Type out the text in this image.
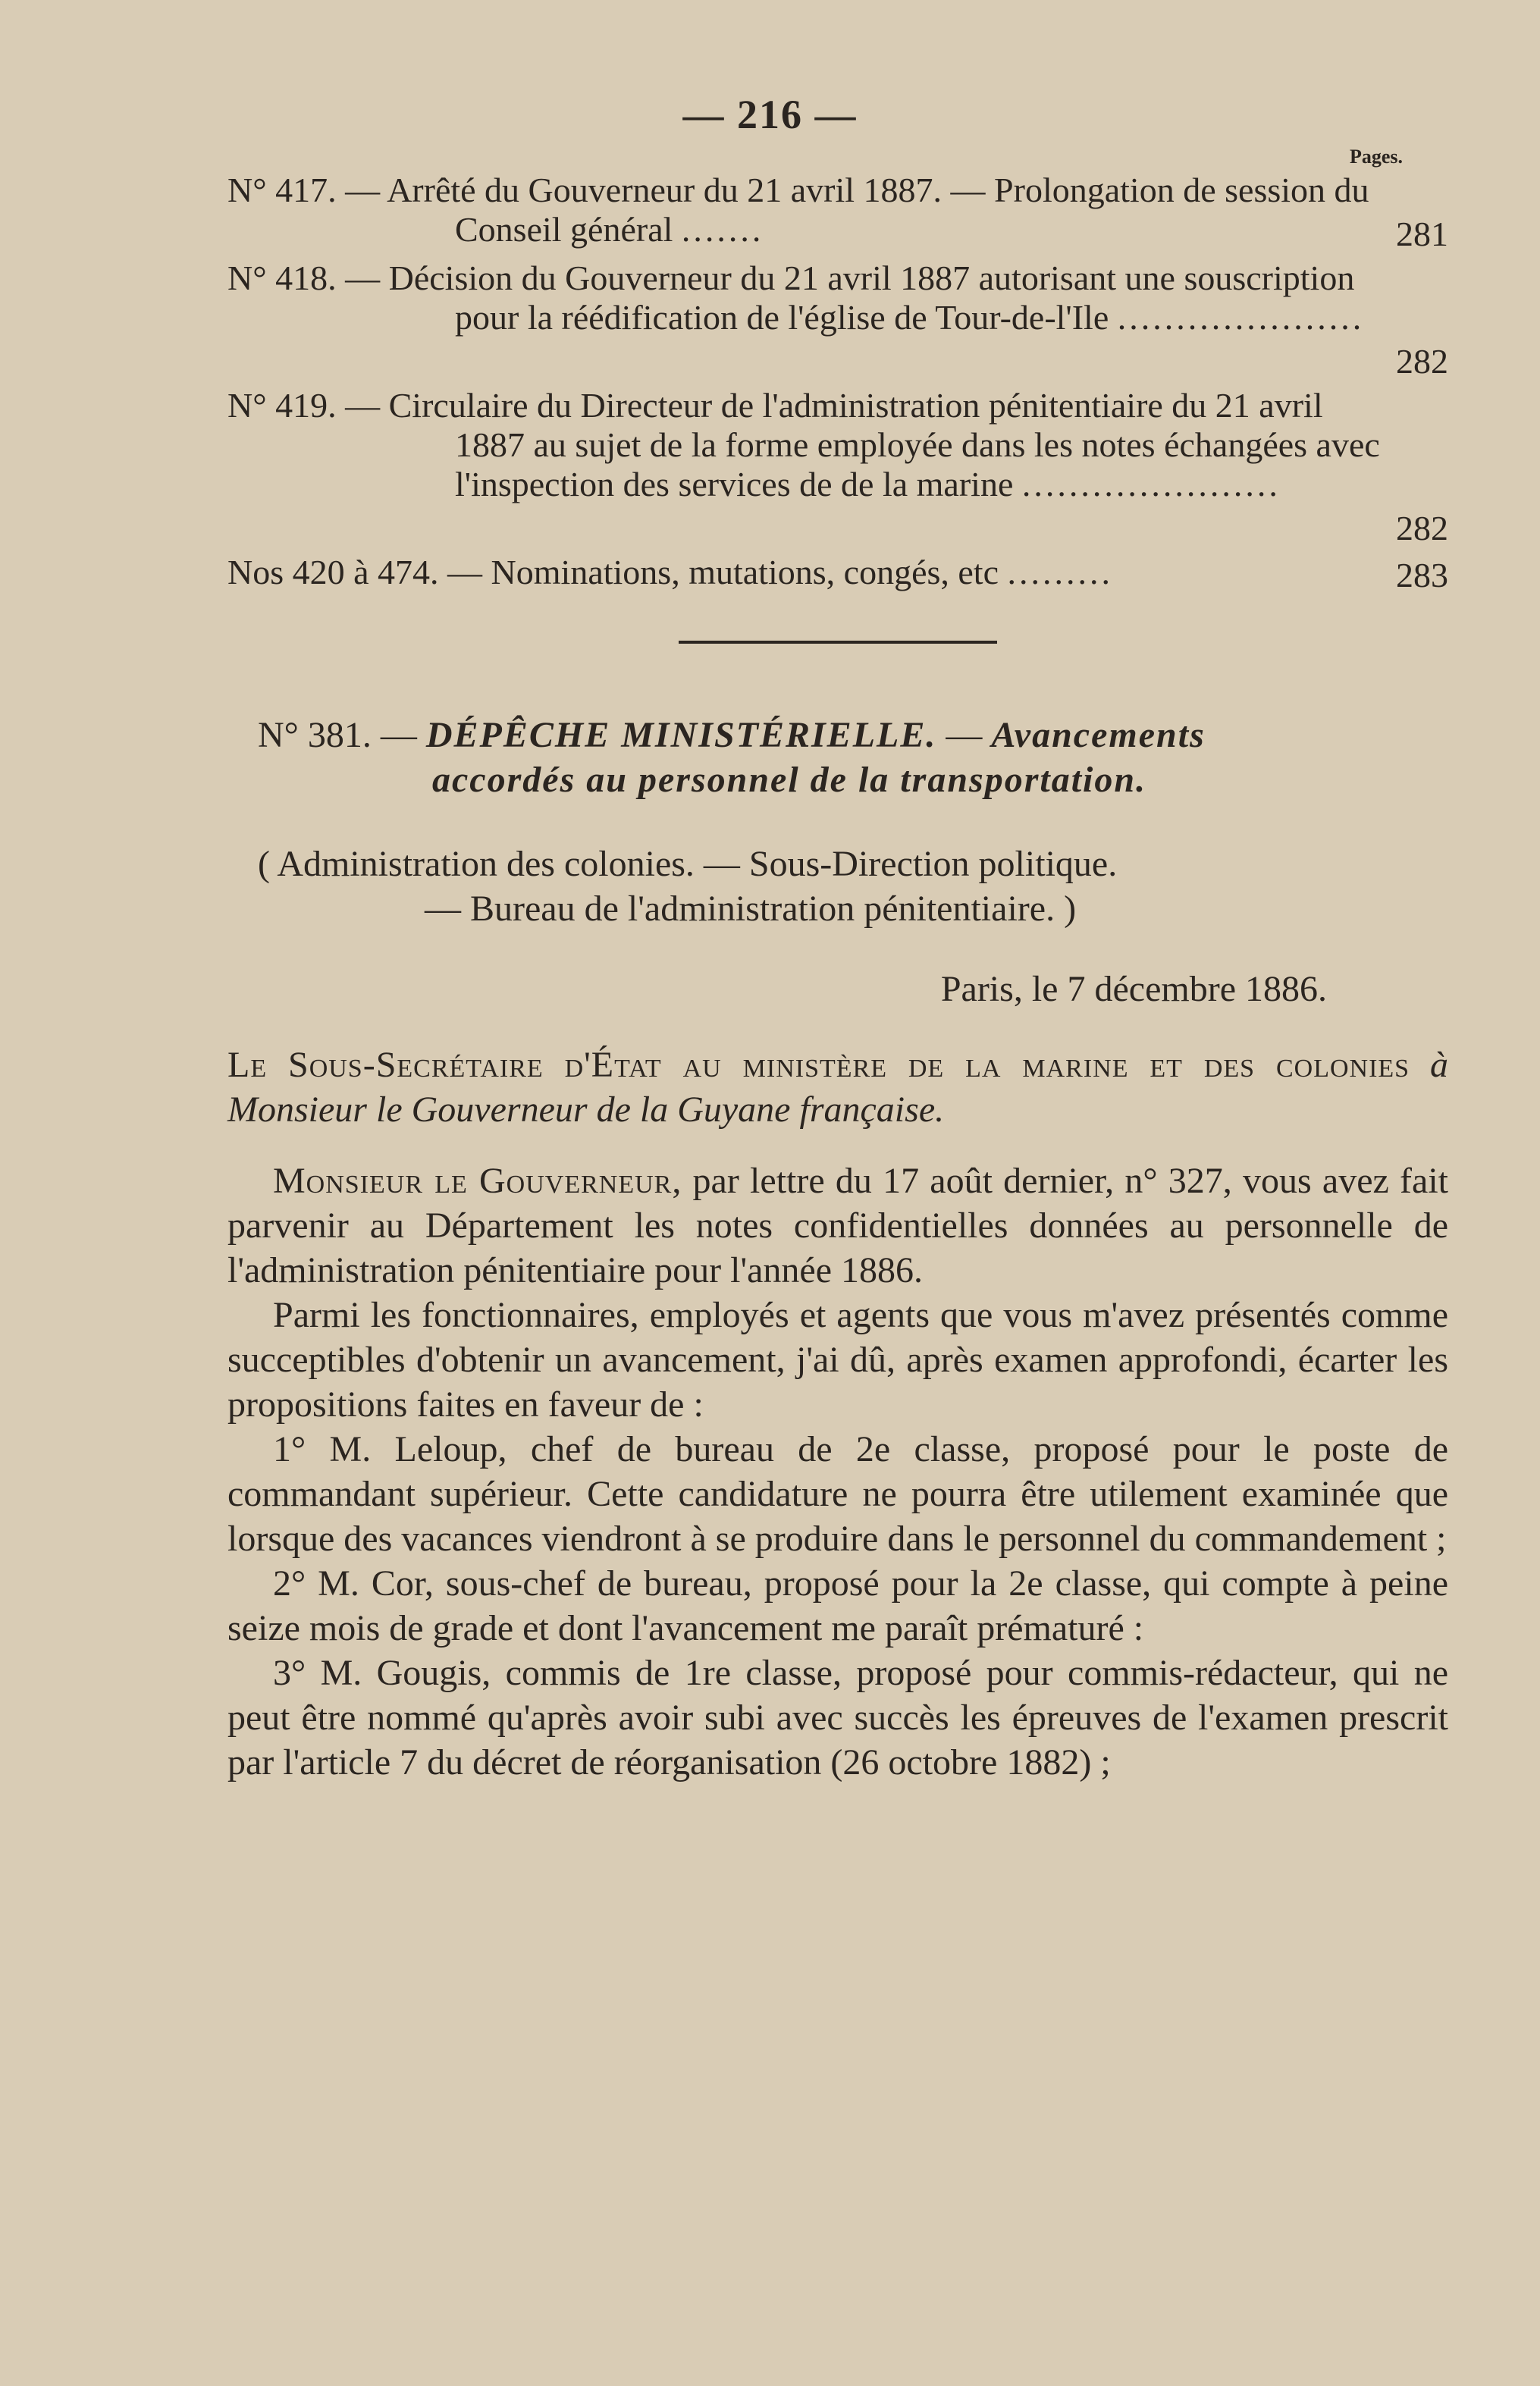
— 216 —
Pages.
N° 417. — Arrêté du Gouverneur du 21 avril 1887. — Prolongation de session du Conseil général .......	281
N° 418. — Décision du Gouverneur du 21 avril 1887 autorisant une souscription pour la réédification de l'église de Tour-de-l'Ile .....................
282
N° 419. — Circulaire du Directeur de l'administration pénitentiaire du 21 avril 1887 au sujet de la forme employée dans les notes échangées avec l'inspection des services de de la marine ......................
282
Nos 420 à 474. — Nominations, mutations, congés, etc .........	283
N° 381. — DÉPÊCHE MINISTÉRIELLE. — Avancements
accordés au personnel de la transportation.
( Administration des colonies. — Sous-Direction politique.
— Bureau de l'administration pénitentiaire. )
Paris, le 7 décembre 1886.
Le Sous-Secrétaire d'État au ministère de la marine et des colonies à Monsieur le Gouverneur de la Guyane française.

Monsieur le Gouverneur, par lettre du 17 août dernier, n° 327, vous avez fait parvenir au Département les notes confidentielles données au personnelle de l'administration pénitentiaire pour l'année 1886.

Parmi les fonctionnaires, employés et agents que vous m'avez présentés comme succeptibles d'obtenir un avancement, j'ai dû, après examen approfondi, écarter les propositions faites en faveur de :

1° M. Leloup, chef de bureau de 2e classe, proposé pour le poste de commandant supérieur. Cette candidature ne pourra être utilement examinée que lorsque des vacances viendront à se produire dans le personnel du commandement ;

2° M. Cor, sous-chef de bureau, proposé pour la 2e classe, qui compte à peine seize mois de grade et dont l'avancement me paraît prématuré :

3° M. Gougis, commis de 1re classe, proposé pour commis-rédacteur, qui ne peut être nommé qu'après avoir subi avec succès les épreuves de l'examen prescrit par l'article 7 du décret de réorganisation (26 octobre 1882) ;
